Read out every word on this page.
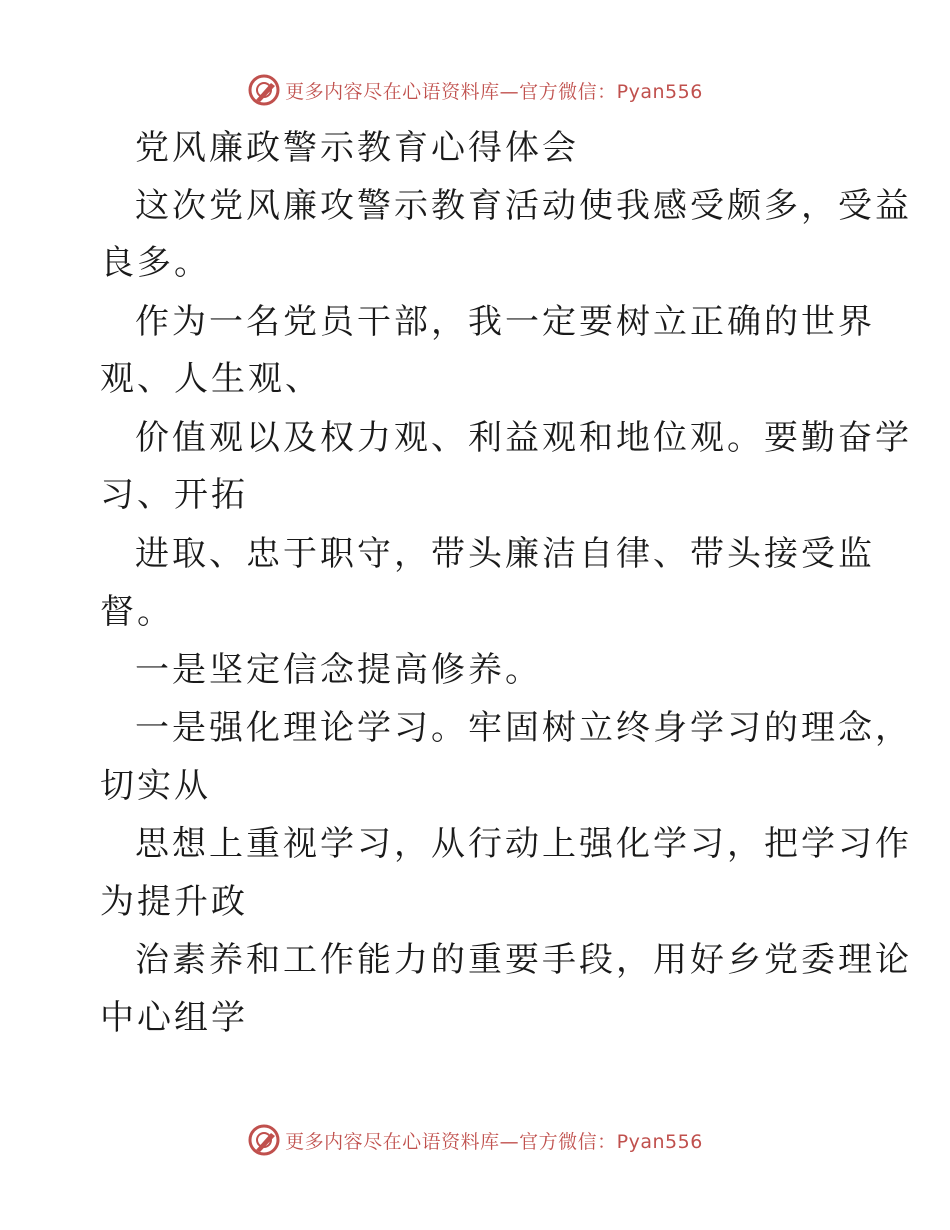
更多内容尽在心语资料库—官方微信：Pyan556
党风廉政警示教育心得体会
这次党风廉攻警示教育活动使我感受颇多，受益
良多。
作为一名党员干部，我一定要树立正确的世界
观、人生观、
价值观以及权力观、利益观和地位观。要勤奋学
习、开拓
进取、忠于职守，带头廉洁自律、带头接受监
督。
一是坚定信念提高修养。
一是强化理论学习。牢固树立终身学习的理念，
切实从
思想上重视学习，从行动上强化学习，把学习作
为提升政
治素养和工作能力的重要手段，用好乡党委理论
中心组学
更多内容尽在心语资料库—官方微信：Pyan556
